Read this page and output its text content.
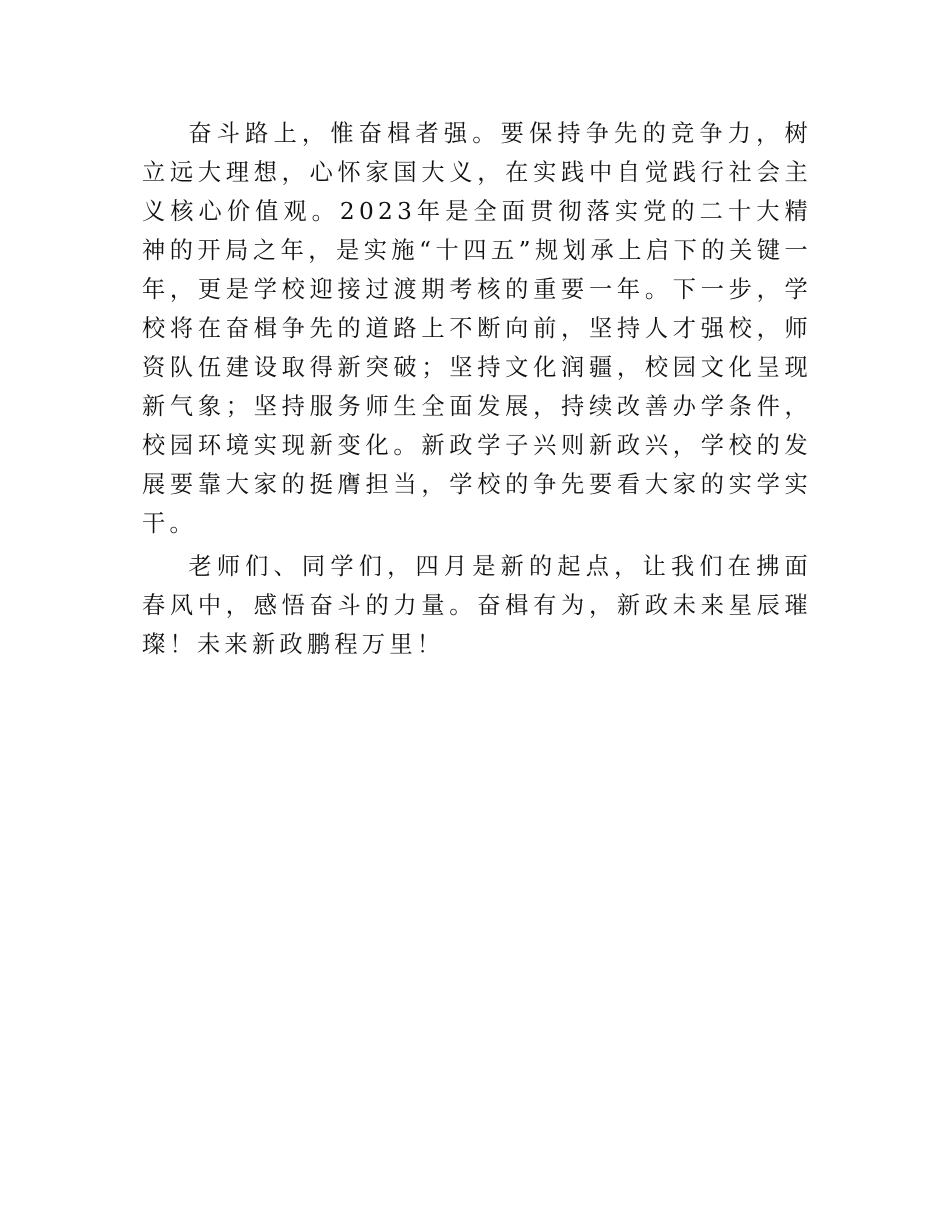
奋斗路上，惟奋楫者强。要保持争先的竞争力，树立远大理想，心怀家国大义，在实践中自觉践行社会主义核心价值观。2023年是全面贯彻落实党的二十大精神的开局之年，是实施“十四五”规划承上启下的关键一年，更是学校迎接过渡期考核的重要一年。下一步，学校将在奋楫争先的道路上不断向前，坚持人才强校，师资队伍建设取得新突破；坚持文化润疆，校园文化呈现新气象；坚持服务师生全面发展，持续改善办学条件，校园环境实现新变化。新政学子兴则新政兴，学校的发展要靠大家的挺膺担当，学校的争先要看大家的实学实干。

老师们、同学们，四月是新的起点，让我们在拂面春风中，感悟奋斗的力量。奋楫有为，新政未来星辰璀璨！未来新政鹏程万里！
